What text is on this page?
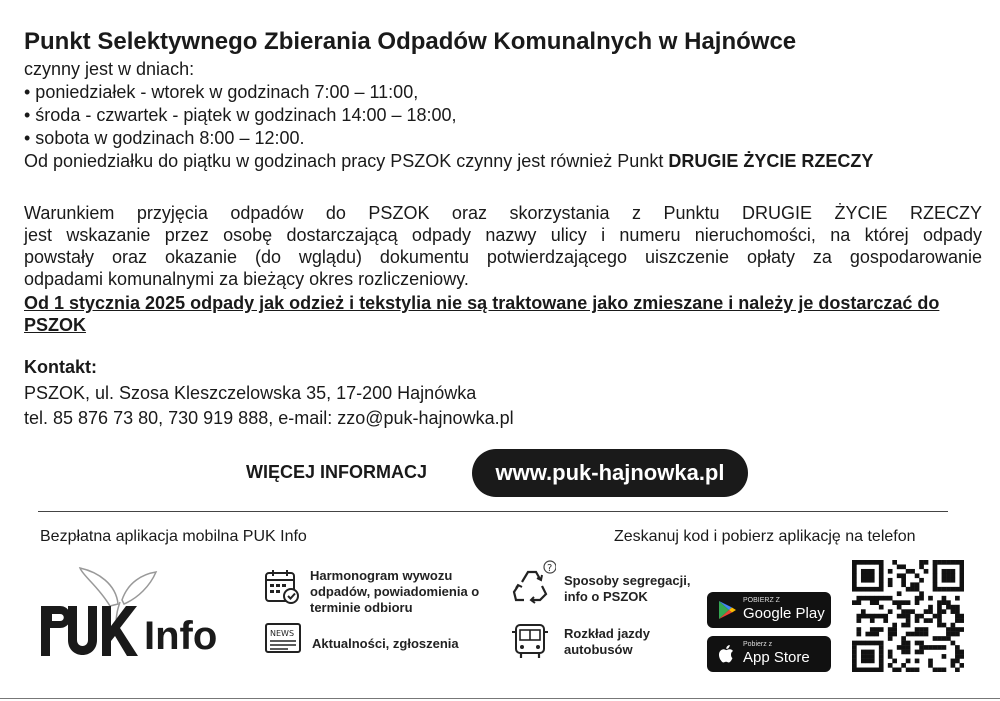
Punkt Selektywnego Zbierania Odpadów Komunalnych w Hajnówce
czynny jest w dniach:
• poniedziałek - wtorek w godzinach 7:00 – 11:00,
• środa - czwartek - piątek w godzinach 14:00 – 18:00,
• sobota w godzinach 8:00 – 12:00.
Od poniedziałku do piątku w godzinach pracy PSZOK czynny jest również Punkt DRUGIE ŻYCIE RZECZY
Warunkiem przyjęcia odpadów do PSZOK oraz skorzystania z Punktu DRUGIE ŻYCIE RZECZY
jest wskazanie przez osobę dostarczającą odpady nazwy ulicy i numeru nieruchomości, na której odpady
powstały oraz okazanie (do wglądu) dokumentu potwierdzającego uiszczenie opłaty za gospodarowanie
odpadami komunalnymi za bieżący okres rozliczeniowy.
Od 1 stycznia 2025 odpady jak odzież i tekstylia nie są traktowane jako zmieszane i należy je dostarczać do PSZOK
Kontakt:
PSZOK, ul. Szosa Kleszczelowska 35, 17-200 Hajnówka
tel. 85 876 73 80, 730 919 888, e-mail: zzo@puk-hajnowka.pl
WIĘCEJ INFORMACJ	www.puk-hajnowka.pl
Bezpłatna aplikacja mobilna PUK Info	Zeskanuj kod i pobierz aplikację na telefon
Info
Harmonogram wywozu odpadów, powiadomienia o terminie odbioru
?
Sposoby segregacji, info o PSZOK
NEWS
Aktualności, zgłoszenia
Rozkład jazdy autobusów
POBIERZ Z
Google Play
Pobierz z
App Store
